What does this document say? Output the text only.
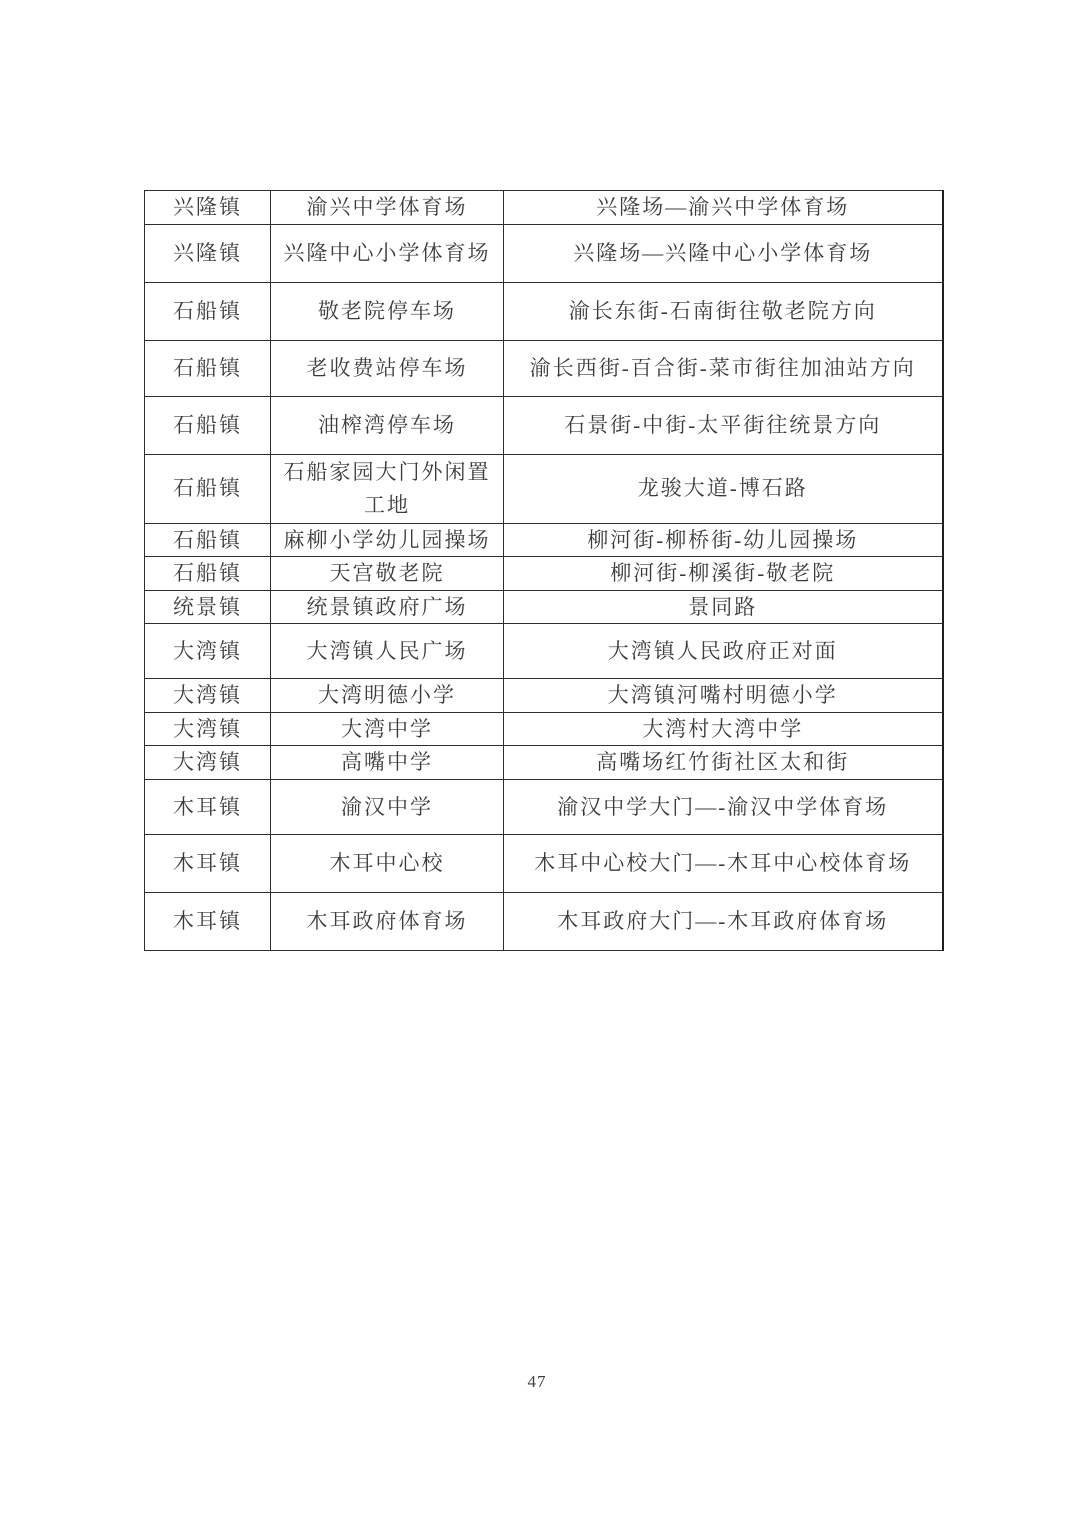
兴隆镇	渝兴中学体育场	兴隆场—渝兴中学体育场
兴隆镇	兴隆中心小学体育场	兴隆场—兴隆中心小学体育场
石船镇	敬老院停车场	渝长东街-石南街往敬老院方向
石船镇	老收费站停车场	渝长西街-百合街-菜市街往加油站方向
石船镇	油榨湾停车场	石景街-中街-太平街往统景方向
石船镇	石船家园大门外闲置工地	龙骏大道-博石路
石船镇	麻柳小学幼儿园操场	柳河街-柳桥街-幼儿园操场
石船镇	天宫敬老院	柳河街-柳溪街-敬老院
统景镇	统景镇政府广场	景同路
大湾镇	大湾镇人民广场	大湾镇人民政府正对面
大湾镇	大湾明德小学	大湾镇河嘴村明德小学
大湾镇	大湾中学	大湾村大湾中学
大湾镇	高嘴中学	高嘴场红竹街社区太和街
木耳镇	渝汉中学	渝汉中学大门—-渝汉中学体育场
木耳镇	木耳中心校	木耳中心校大门—-木耳中心校体育场
木耳镇	木耳政府体育场	木耳政府大门—-木耳政府体育场
47
